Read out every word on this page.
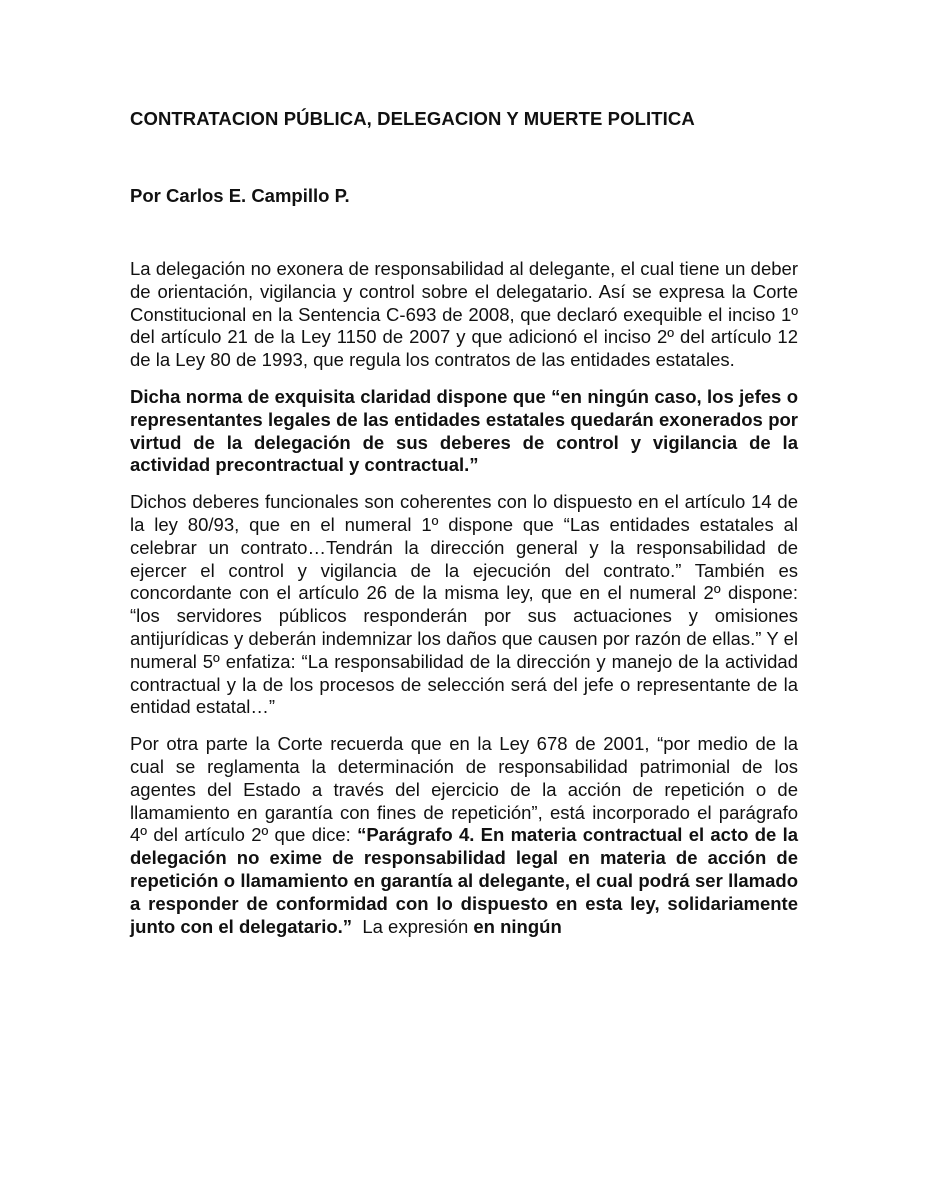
CONTRATACION PÚBLICA, DELEGACION Y MUERTE POLITICA
Por Carlos E. Campillo P.

La delegación no exonera de responsabilidad al delegante, el cual tiene un deber de orientación, vigilancia y control sobre el delegatario. Así se expresa la Corte Constitucional en la Sentencia C-693 de 2008, que declaró exequible el inciso 1º del artículo 21 de la Ley 1150 de 2007 y que adicionó el inciso 2º del artículo 12 de la Ley 80 de 1993, que regula los contratos de las entidades estatales.

Dicha norma de exquisita claridad dispone que “en ningún caso, los jefes o representantes legales de las entidades estatales quedarán exonerados por virtud de la delegación de sus deberes de control y vigilancia de la actividad precontractual y contractual.”

Dichos deberes funcionales son coherentes con lo dispuesto en el artículo 14 de la ley 80/93, que en el numeral 1º dispone que “Las entidades estatales al celebrar un contrato…Tendrán la dirección general y la responsabilidad de ejercer el control y vigilancia de la ejecución del contrato.” También es concordante con el artículo 26 de la misma ley, que en el numeral 2º dispone: “los servidores públicos responderán por sus actuaciones y omisiones antijurídicas y deberán indemnizar los daños que causen por razón de ellas.” Y el numeral 5º enfatiza: “La responsabilidad de la dirección y manejo de la actividad contractual y la de los procesos de selección será del jefe o representante de la entidad estatal…”

Por otra parte la Corte recuerda que en la Ley 678 de 2001, “por medio de la cual se reglamenta la determinación de responsabilidad patrimonial de los agentes del Estado a través del ejercicio de la acción de repetición o de llamamiento en garantía con fines de repetición”, está incorporado el parágrafo 4º del artículo 2º que dice: “Parágrafo 4. En materia contractual el acto de la delegación no exime de responsabilidad legal en materia de acción de repetición o llamamiento en garantía al delegante, el cual podrá ser llamado a responder de conformidad con lo dispuesto en esta ley, solidariamente junto con el delegatario.” La expresión en ningún
